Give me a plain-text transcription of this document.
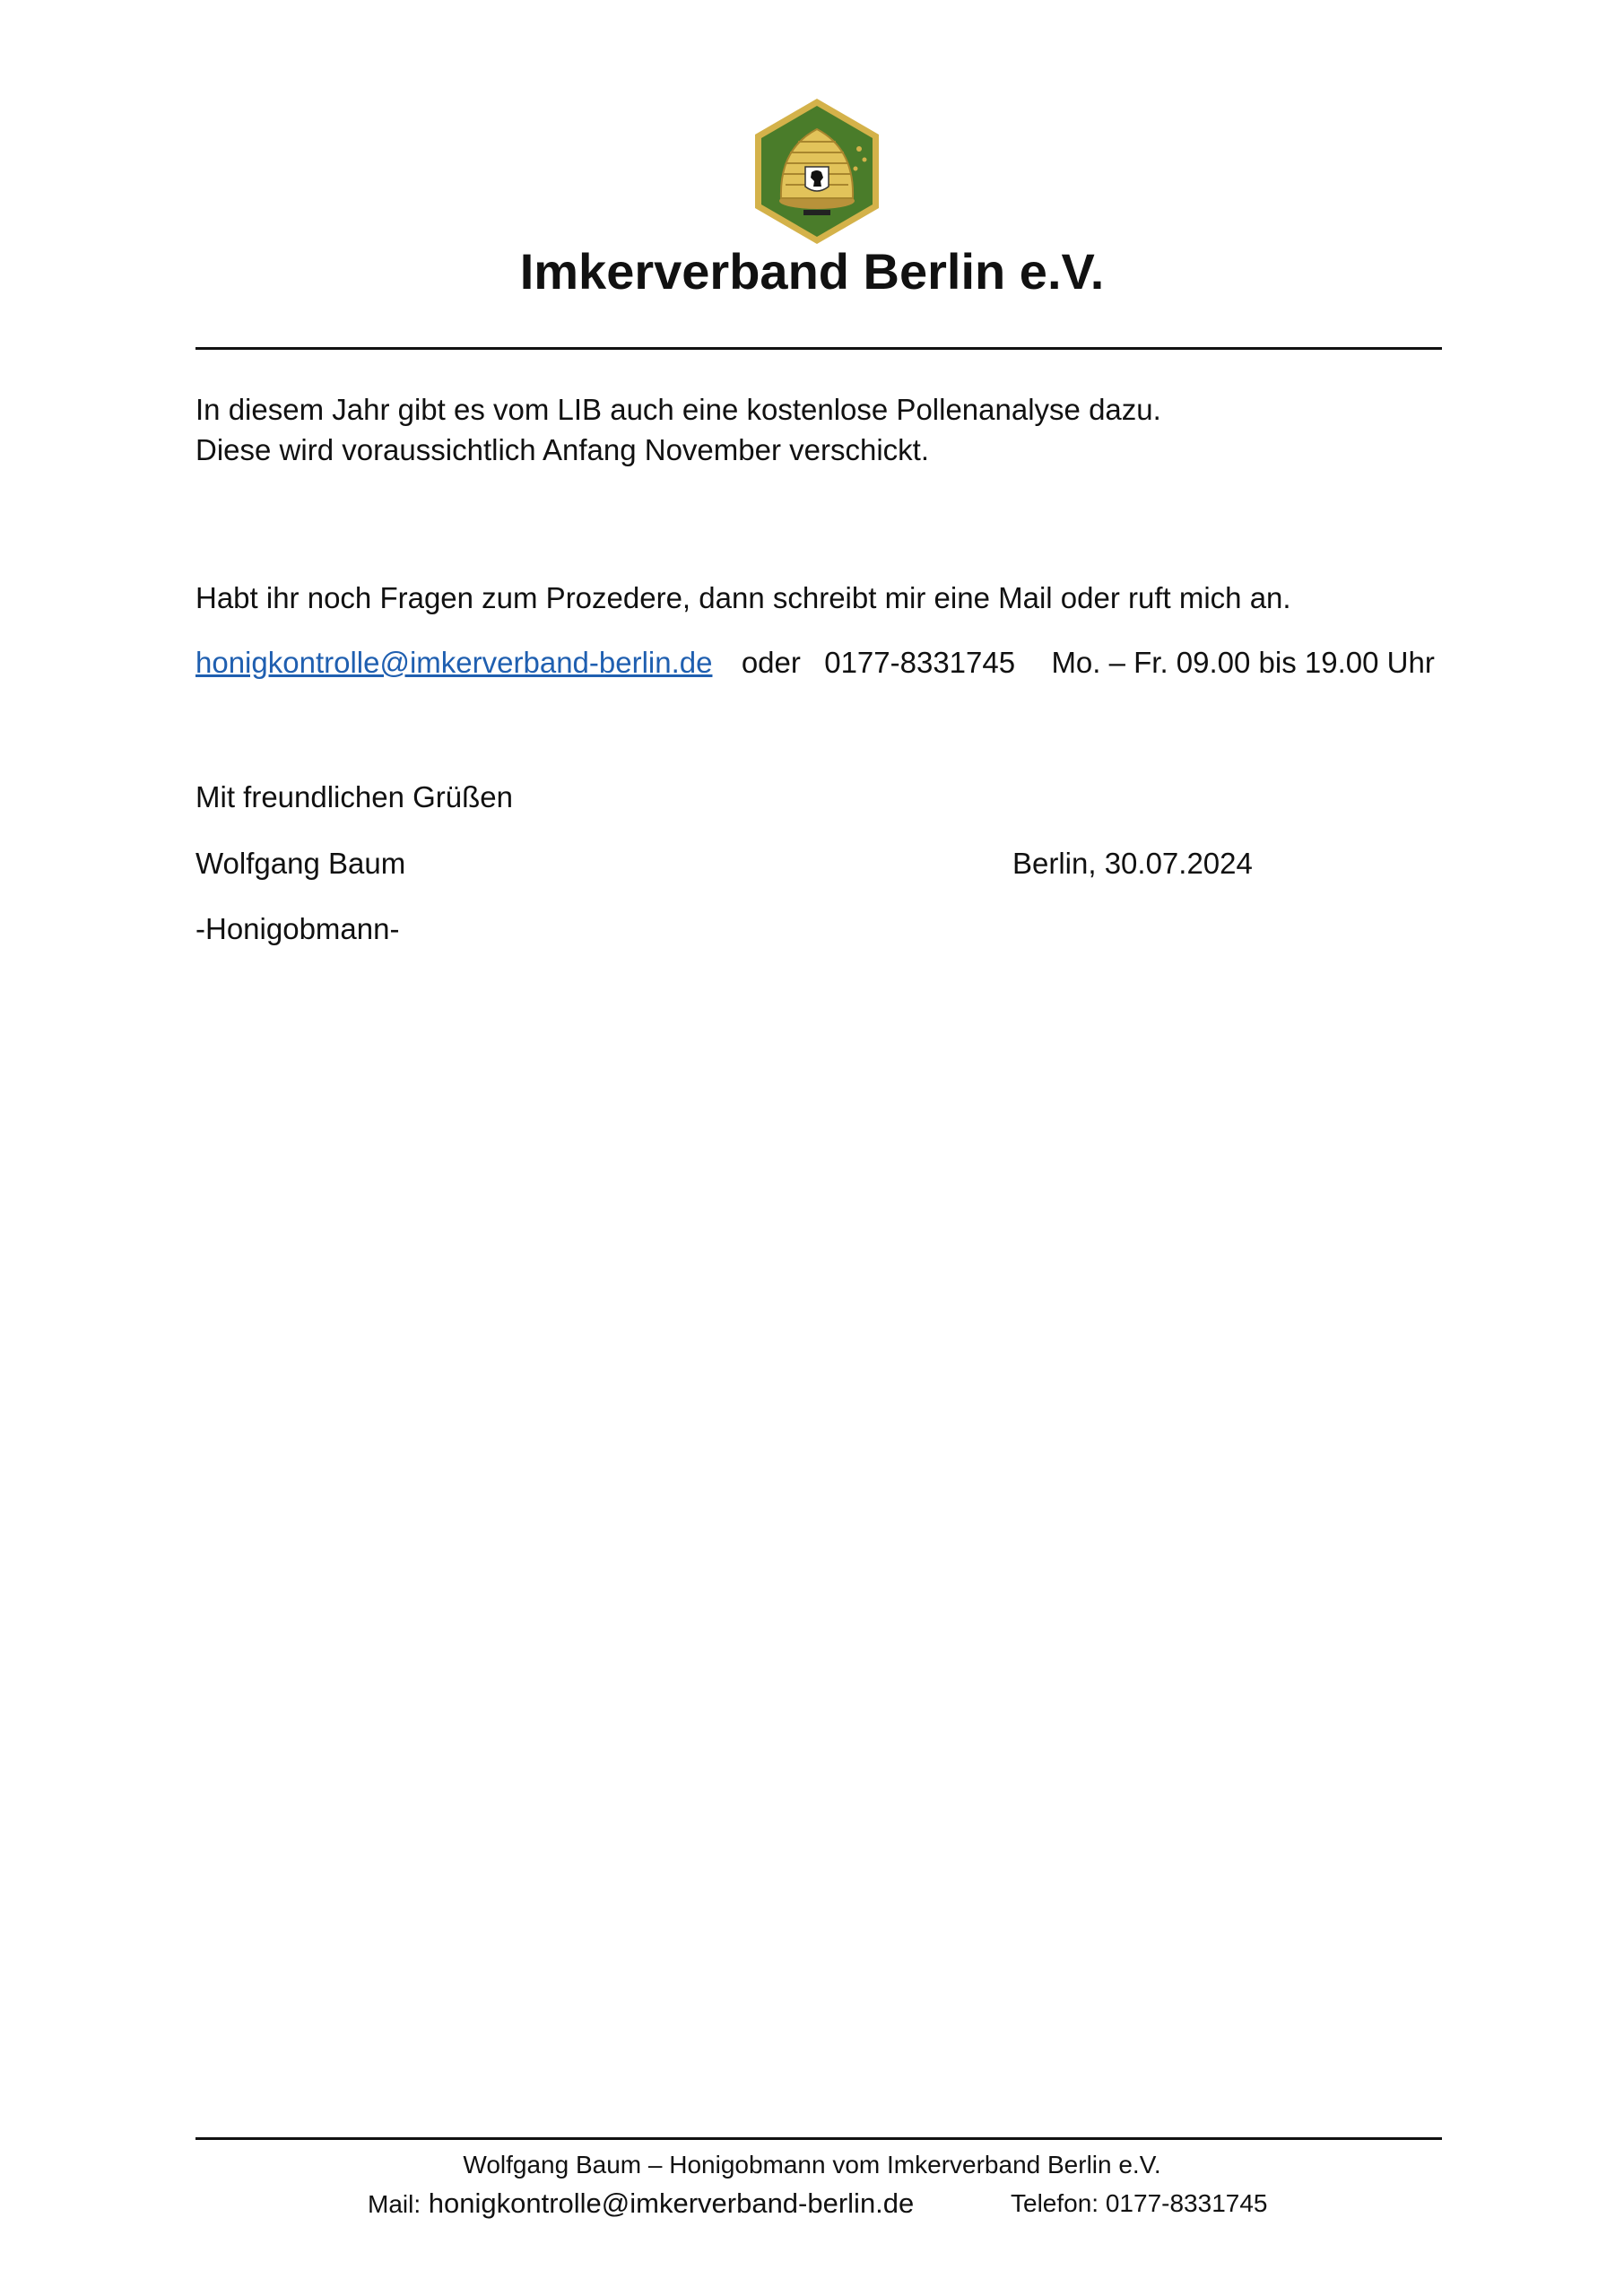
Imkerverband Berlin e.V.
In diesem Jahr gibt es vom LIB auch eine kostenlose Pollenanalyse dazu.
Diese wird voraussichtlich Anfang November verschickt.
Habt ihr noch Fragen zum Prozedere, dann schreibt mir eine Mail oder ruft mich an.
honigkontrolle@imkerverband-berlin.de oder 0177-8331745 Mo. – Fr. 09.00 bis 19.00 Uhr
Mit freundlichen Grüßen
Wolfgang Baum	Berlin, 30.07.2024
-Honigobmann-
Wolfgang Baum – Honigobmann vom Imkerverband Berlin e.V.
Mail: honigkontrolle@imkerverband-berlin.de	Telefon: 0177-8331745
